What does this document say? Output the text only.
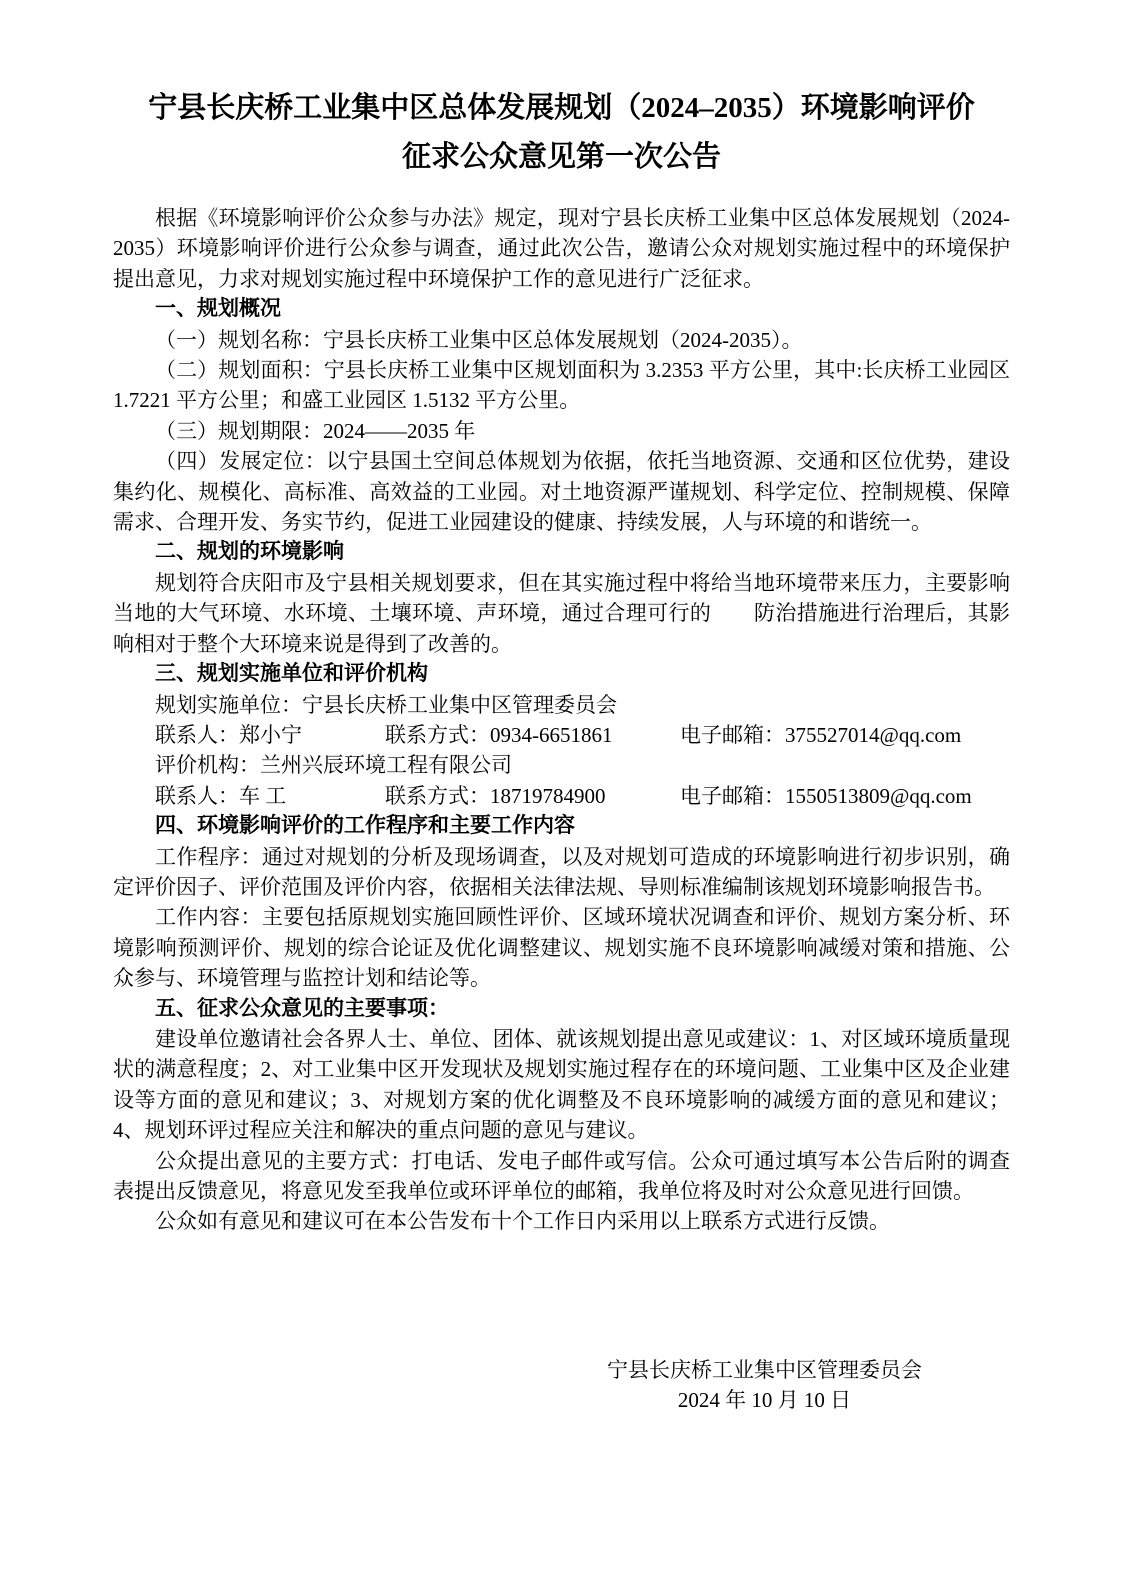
宁县长庆桥工业集中区总体发展规划（2024–2035）环境影响评价
征求公众意见第一次公告

根据《环境影响评价公众参与办法》规定，现对宁县长庆桥工业集中区总体发展规划（2024-2035）环境影响评价进行公众参与调查，通过此次公告，邀请公众对规划实施过程中的环境保护提出意见，力求对规划实施过程中环境保护工作的意见进行广泛征求。

一、规划概况

（一）规划名称：宁县长庆桥工业集中区总体发展规划（2024-2035）。

（二）规划面积：宁县长庆桥工业集中区规划面积为 3.2353 平方公里，其中:长庆桥工业园区 1.7221 平方公里；和盛工业园区 1.5132 平方公里。

（三）规划期限：2024——2035 年

（四）发展定位：以宁县国土空间总体规划为依据，依托当地资源、交通和区位优势，建设集约化、规模化、高标准、高效益的工业园。对土地资源严谨规划、科学定位、控制规模、保障需求、合理开发、务实节约，促进工业园建设的健康、持续发展，人与环境的和谐统一。

二、规划的环境影响

规划符合庆阳市及宁县相关规划要求，但在其实施过程中将给当地环境带来压力，主要影响当地的大气环境、水环境、土壤环境、声环境，通过合理可行的　　防治措施进行治理后，其影响相对于整个大环境来说是得到了改善的。

三、规划实施单位和评价机构

规划实施单位：宁县长庆桥工业集中区管理委员会

联系人：郑小宁	联系方式：0934-6651861	电子邮箱：375527014@qq.com

评价机构：兰州兴辰环境工程有限公司

联系人：车 工	联系方式：18719784900	电子邮箱：1550513809@qq.com

四、环境影响评价的工作程序和主要工作内容

工作程序：通过对规划的分析及现场调查，以及对规划可造成的环境影响进行初步识别，确定评价因子、评价范围及评价内容，依据相关法律法规、导则标准编制该规划环境影响报告书。

工作内容：主要包括原规划实施回顾性评价、区域环境状况调查和评价、规划方案分析、环境影响预测评价、规划的综合论证及优化调整建议、规划实施不良环境影响减缓对策和措施、公众参与、环境管理与监控计划和结论等。

五、征求公众意见的主要事项：

建设单位邀请社会各界人士、单位、团体、就该规划提出意见或建议：1、对区域环境质量现状的满意程度；2、对工业集中区开发现状及规划实施过程存在的环境问题、工业集中区及企业建设等方面的意见和建议；3、对规划方案的优化调整及不良环境影响的减缓方面的意见和建议；4、规划环评过程应关注和解决的重点问题的意见与建议。

公众提出意见的主要方式：打电话、发电子邮件或写信。公众可通过填写本公告后附的调查表提出反馈意见，将意见发至我单位或环评单位的邮箱，我单位将及时对公众意见进行回馈。

公众如有意见和建议可在本公告发布十个工作日内采用以上联系方式进行反馈。

宁县长庆桥工业集中区管理委员会
2024 年 10 月 10 日
